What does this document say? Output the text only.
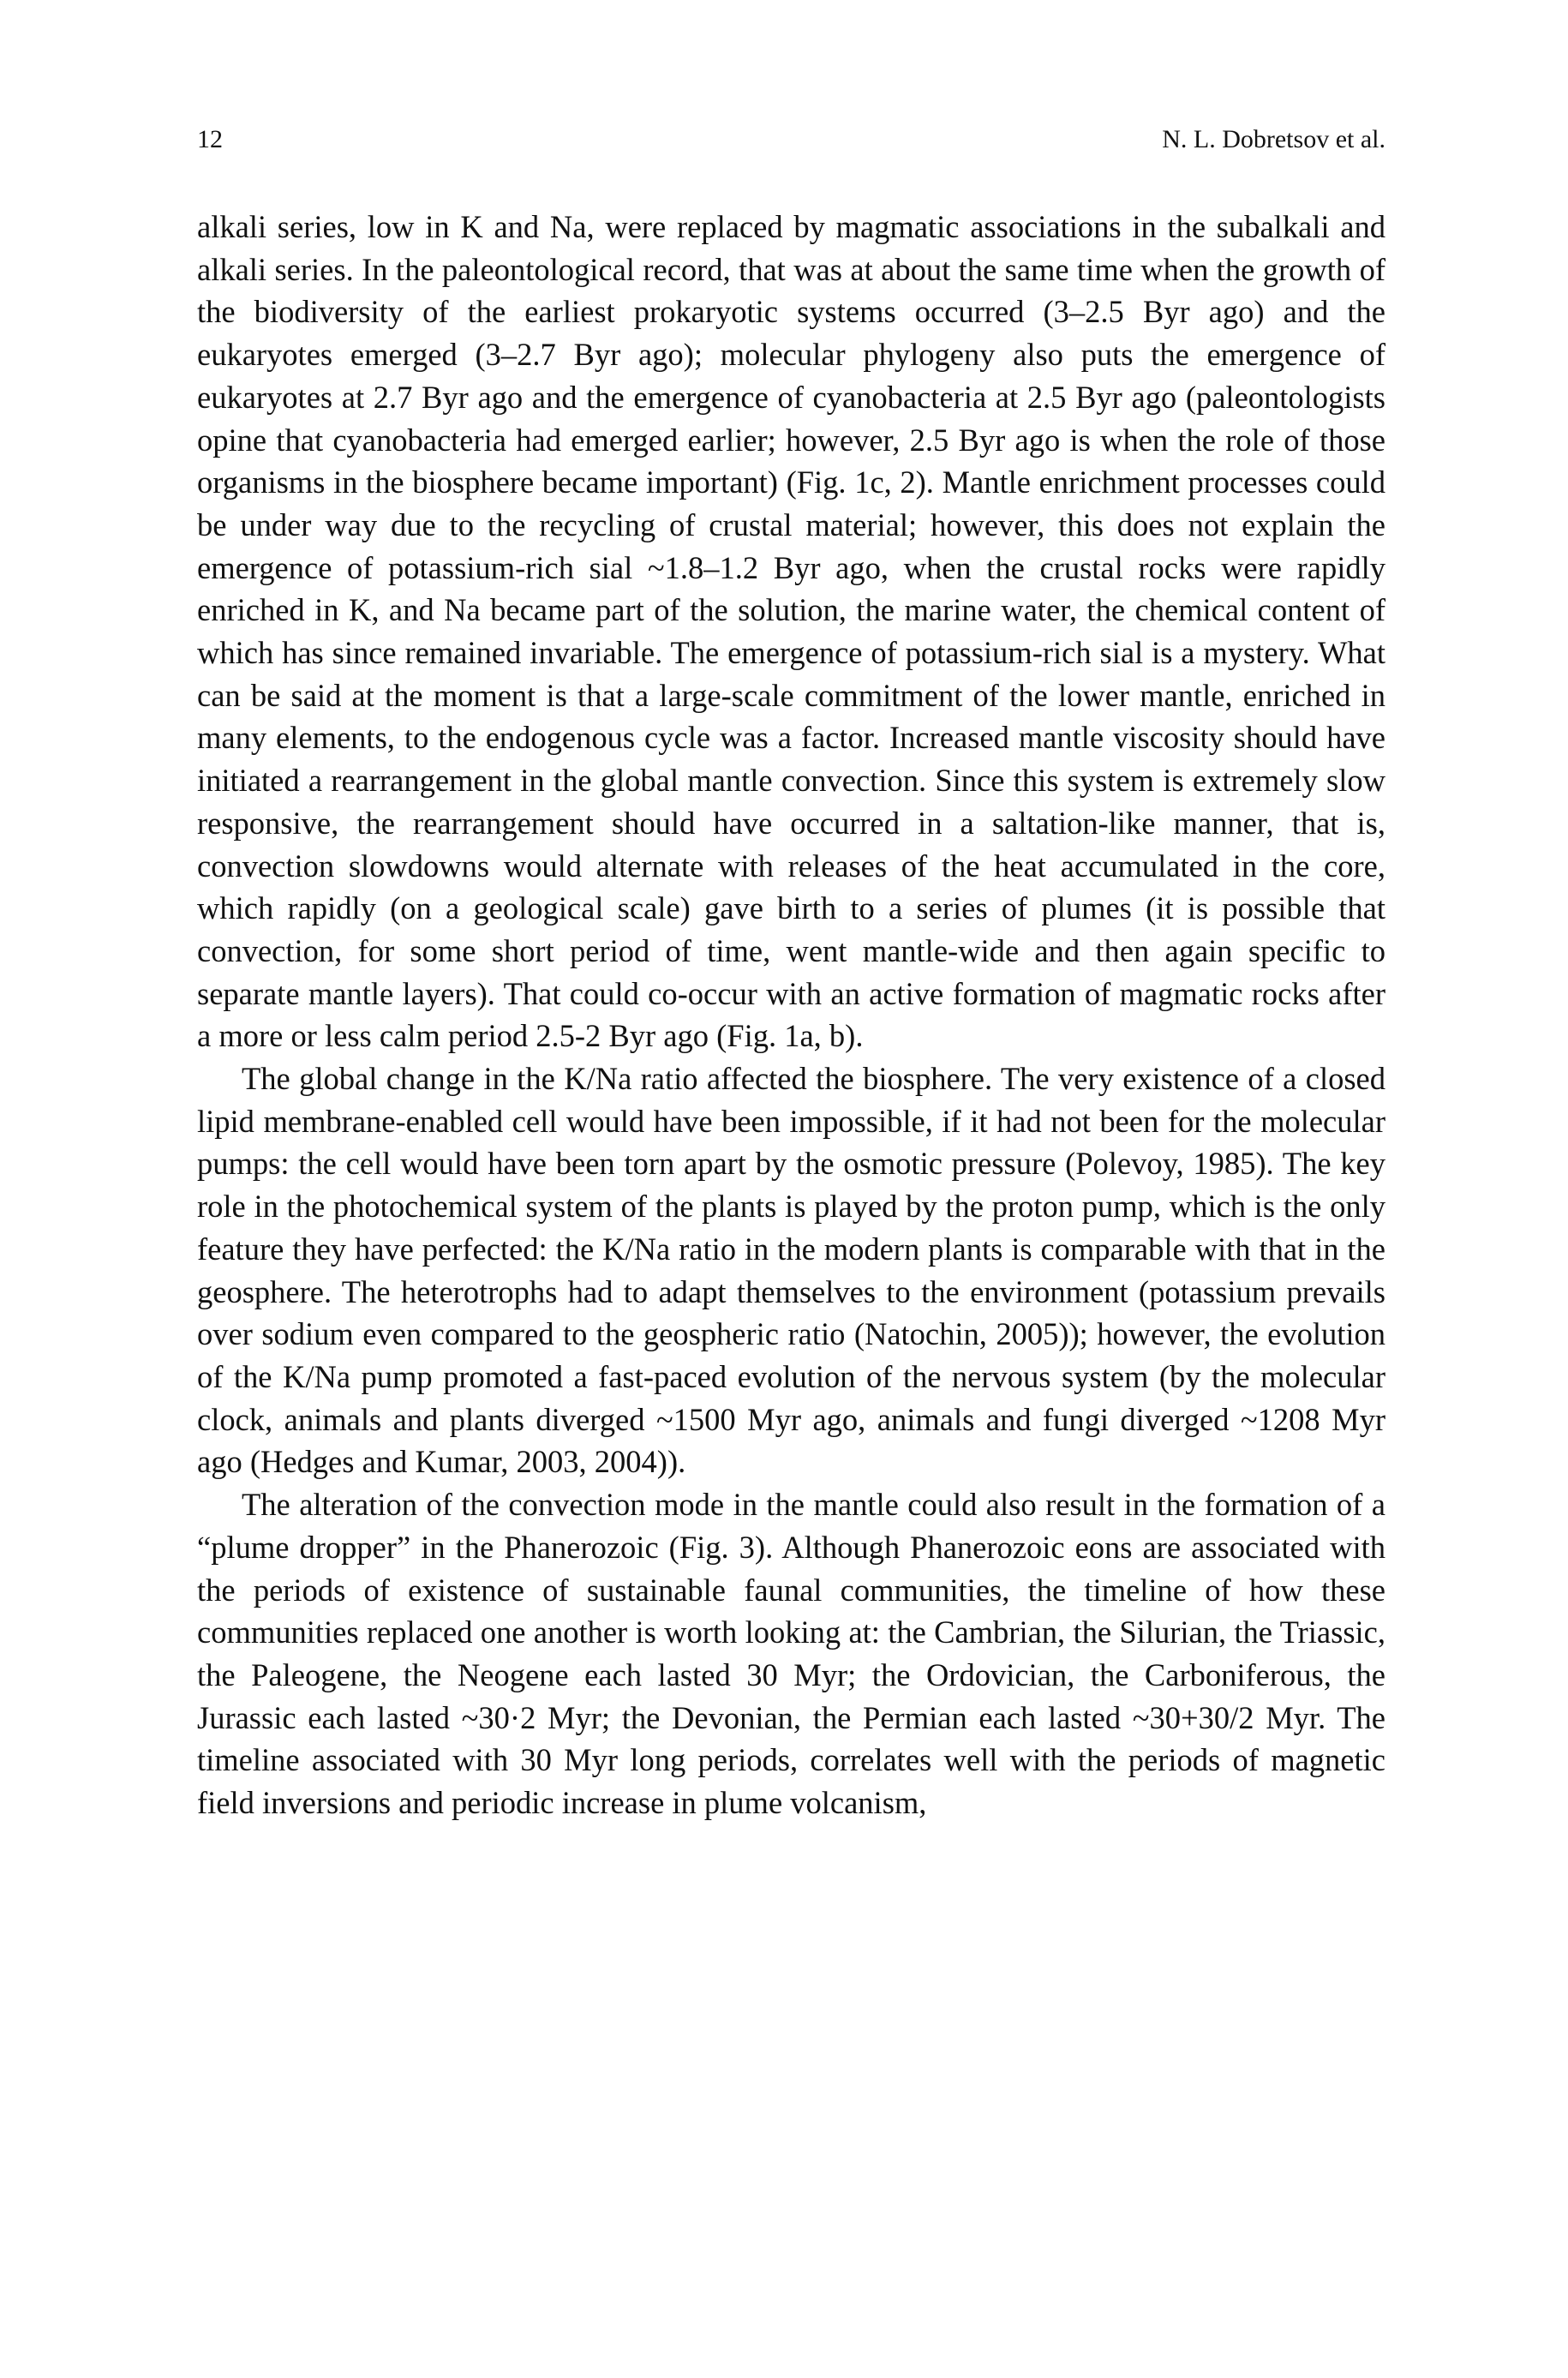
12	N. L. Dobretsov et al.

alkali series, low in K and Na, were replaced by magmatic associations in the subalkali and alkali series. In the paleontological record, that was at about the same time when the growth of the biodiversity of the earliest prokaryotic systems occurred (3–2.5 Byr ago) and the eukaryotes emerged (3–2.7 Byr ago); molecular phylogeny also puts the emergence of eukaryotes at 2.7 Byr ago and the emergence of cyanobacteria at 2.5 Byr ago (paleontologists opine that cyanobacteria had emerged earlier; however, 2.5 Byr ago is when the role of those organisms in the biosphere became important) (Fig. 1c, 2). Mantle enrichment processes could be under way due to the recycling of crustal material; however, this does not explain the emergence of potassium-rich sial ~1.8–1.2 Byr ago, when the crustal rocks were rapidly enriched in K, and Na became part of the solution, the marine water, the chemical content of which has since remained invariable. The emergence of potassium-rich sial is a mystery. What can be said at the moment is that a large-scale commitment of the lower mantle, enriched in many elements, to the endogenous cycle was a factor. Increased mantle viscosity should have initiated a rearrangement in the global mantle convection. Since this system is extremely slow responsive, the rearrangement should have occurred in a saltation-like manner, that is, convection slowdowns would alternate with releases of the heat accumulated in the core, which rapidly (on a geological scale) gave birth to a series of plumes (it is possible that convection, for some short period of time, went mantle-wide and then again specific to separate mantle layers). That could co-occur with an active formation of magmatic rocks after a more or less calm period 2.5-2 Byr ago (Fig. 1a, b).

The global change in the K/Na ratio affected the biosphere. The very existence of a closed lipid membrane-enabled cell would have been impossible, if it had not been for the molecular pumps: the cell would have been torn apart by the osmotic pressure (Polevoy, 1985). The key role in the photochemical system of the plants is played by the proton pump, which is the only feature they have perfected: the K/Na ratio in the modern plants is comparable with that in the geosphere. The heterotrophs had to adapt themselves to the environment (potassium prevails over sodium even compared to the geospheric ratio (Natochin, 2005)); however, the evolution of the K/Na pump promoted a fast-paced evolution of the nervous system (by the molecular clock, animals and plants diverged ~1500 Myr ago, animals and fungi diverged ~1208 Myr ago (Hedges and Kumar, 2003, 2004)).

The alteration of the convection mode in the mantle could also result in the formation of a “plume dropper” in the Phanerozoic (Fig. 3). Although Phanerozoic eons are associated with the periods of existence of sustainable faunal communities, the timeline of how these communities replaced one another is worth looking at: the Cambrian, the Silurian, the Triassic, the Paleogene, the Neogene each lasted 30 Myr; the Ordovician, the Carboniferous, the Jurassic each lasted ~30·2 Myr; the Devonian, the Permian each lasted ~30+30/2 Myr. The timeline associated with 30 Myr long periods, correlates well with the periods of magnetic field inversions and periodic increase in plume volcanism,
